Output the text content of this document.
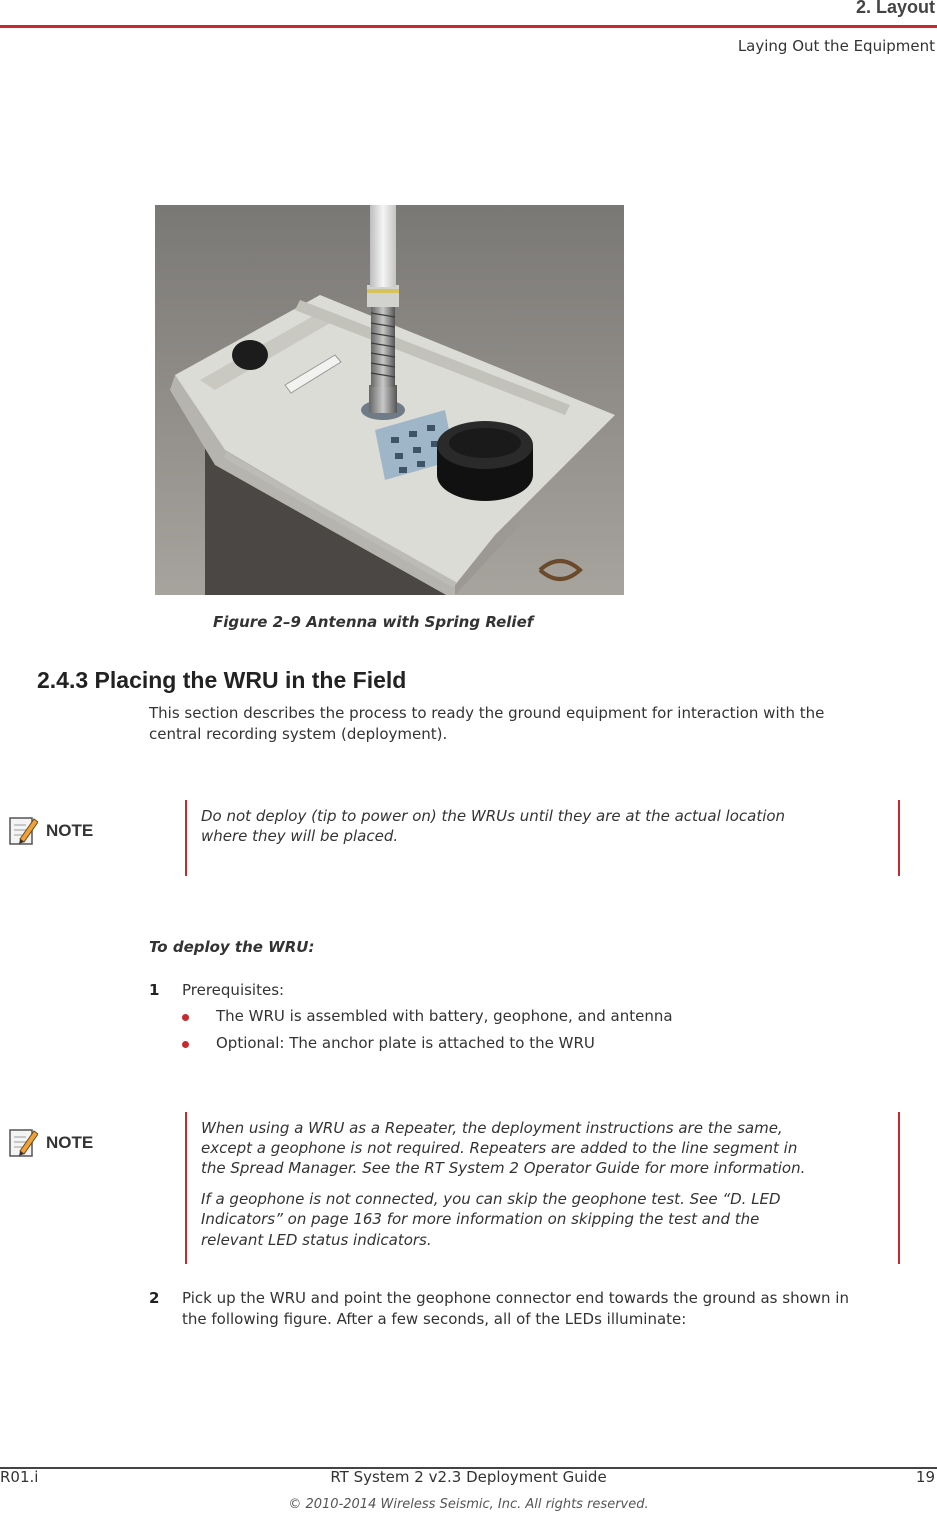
2. Layout
Laying Out the Equipment
Figure 2–9 Antenna with Spring Relief
2.4.3 Placing the WRU in the Field
This section describes the process to ready the ground equipment for interaction with the
central recording system (deployment).
NOTE
Do not deploy (tip to power on) the WRUs until they are at the actual location
where they will be placed.
To deploy the WRU:
1 Prerequisites:
The WRU is assembled with battery, geophone, and antenna
Optional: The anchor plate is attached to the WRU
NOTE
When using a WRU as a Repeater, the deployment instructions are the same,
except a geophone is not required. Repeaters are added to the line segment in
the Spread Manager. See the RT System 2 Operator Guide for more information.
If a geophone is not connected, you can skip the geophone test. See “D. LED
Indicators” on page 163 for more information on skipping the test and the
relevant LED status indicators.
2 Pick up the WRU and point the geophone connector end towards the ground as shown in
the following figure. After a few seconds, all of the LEDs illuminate:
R01.i	RT System 2 v2.3 Deployment Guide	19
© 2010-2014 Wireless Seismic, Inc. All rights reserved.
